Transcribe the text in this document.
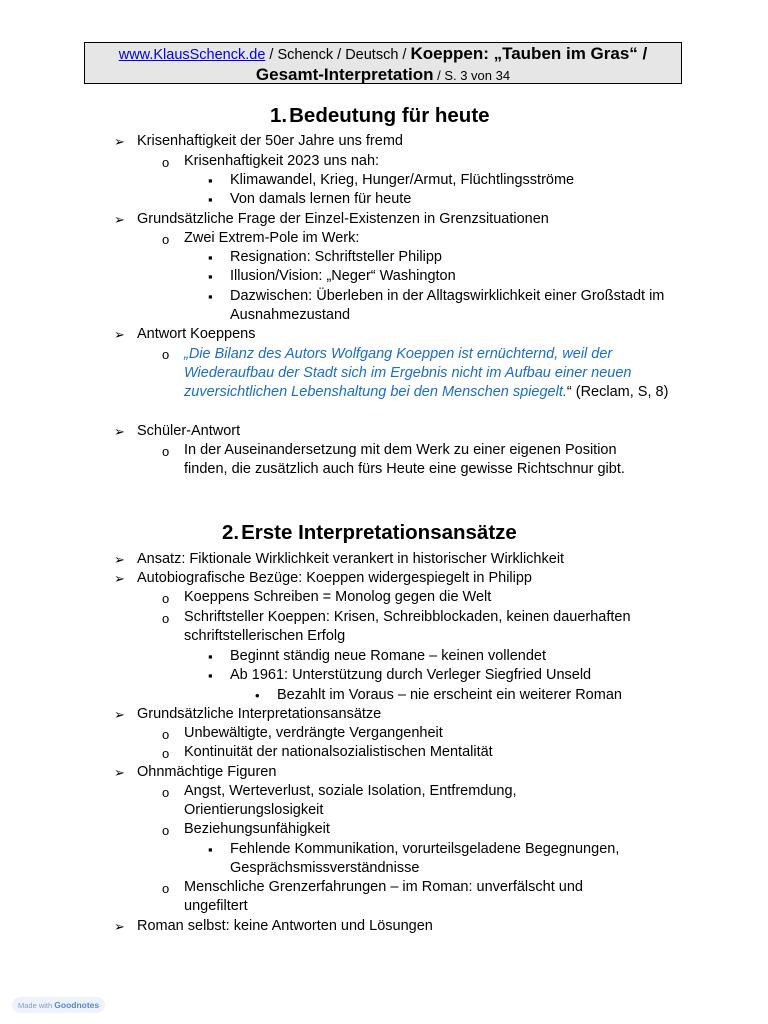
www.KlausSchenck.de / Schenck / Deutsch / Koeppen: „Tauben im Gras“ /
Gesamt-Interpretation / S. 3 von 34
1.Bedeutung für heute
➢ Krisenhaftigkeit der 50er Jahre uns fremd
o Krisenhaftigkeit 2023 uns nah:
▪ Klimawandel, Krieg, Hunger/Armut, Flüchtlingsströme
▪ Von damals lernen für heute
➢ Grundsätzliche Frage der Einzel-Existenzen in Grenzsituationen
o Zwei Extrem-Pole im Werk:
▪ Resignation: Schriftsteller Philipp
▪ Illusion/Vision: „Neger“ Washington
▪ Dazwischen: Überleben in der Alltagswirklichkeit einer Großstadt im Ausnahmezustand
➢ Antwort Koeppens
o „Die Bilanz des Autors Wolfgang Koeppen ist ernüchternd, weil der Wiederaufbau der Stadt sich im Ergebnis nicht im Aufbau einer neuen zuversichtlichen Lebenshaltung bei den Menschen spiegelt.“ (Reclam, S, 8)
➢ Schüler-Antwort
o In der Auseinandersetzung mit dem Werk zu einer eigenen Position finden, die zusätzlich auch fürs Heute eine gewisse Richtschnur gibt.
2.Erste Interpretationsansätze
➢ Ansatz: Fiktionale Wirklichkeit verankert in historischer Wirklichkeit
➢ Autobiografische Bezüge: Koeppen widergespiegelt in Philipp
o Koeppens Schreiben = Monolog gegen die Welt
o Schriftsteller Koeppen: Krisen, Schreibblockaden, keinen dauerhaften schriftstellerischen Erfolg
▪ Beginnt ständig neue Romane – keinen vollendet
▪ Ab 1961: Unterstützung durch Verleger Siegfried Unseld
• Bezahlt im Voraus – nie erscheint ein weiterer Roman
➢ Grundsätzliche Interpretationsansätze
o Unbewältigte, verdrängte Vergangenheit
o Kontinuität der nationalsozialistischen Mentalität
➢ Ohnmächtige Figuren
o Angst, Werteverlust, soziale Isolation, Entfremdung, Orientierungslosigkeit
o Beziehungsunfähigkeit
▪ Fehlende Kommunikation, vorurteilsgeladene Begegnungen, Gesprächsmissverständnisse
o Menschliche Grenzerfahrungen – im Roman: unverfälscht und ungefiltert
➢ Roman selbst: keine Antworten und Lösungen
Made with Goodnotes
